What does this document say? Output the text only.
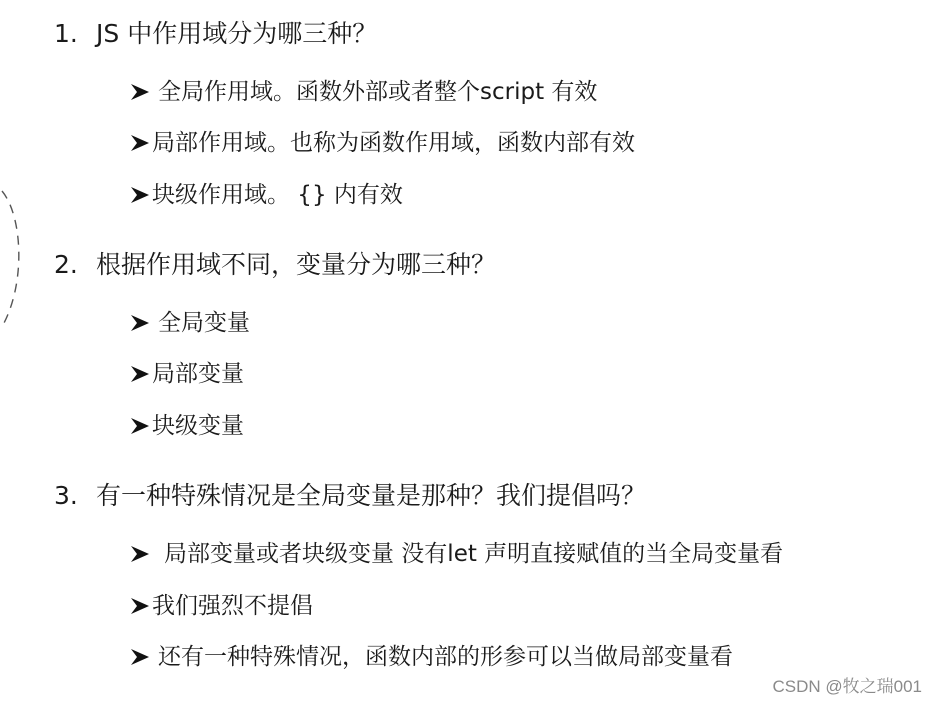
1. JS 中作用域分为哪三种？
全局作用域。函数外部或者整个script 有效
局部作用域。也称为函数作用域，函数内部有效
块级作用域。 {} 内有效
2. 根据作用域不同，变量分为哪三种？
全局变量
局部变量
块级变量
3. 有一种特殊情况是全局变量是那种？我们提倡吗？
局部变量或者块级变量 没有let 声明直接赋值的当全局变量看
我们强烈不提倡
还有一种特殊情况，函数内部的形参可以当做局部变量看
CSDN @牧之瑞001
